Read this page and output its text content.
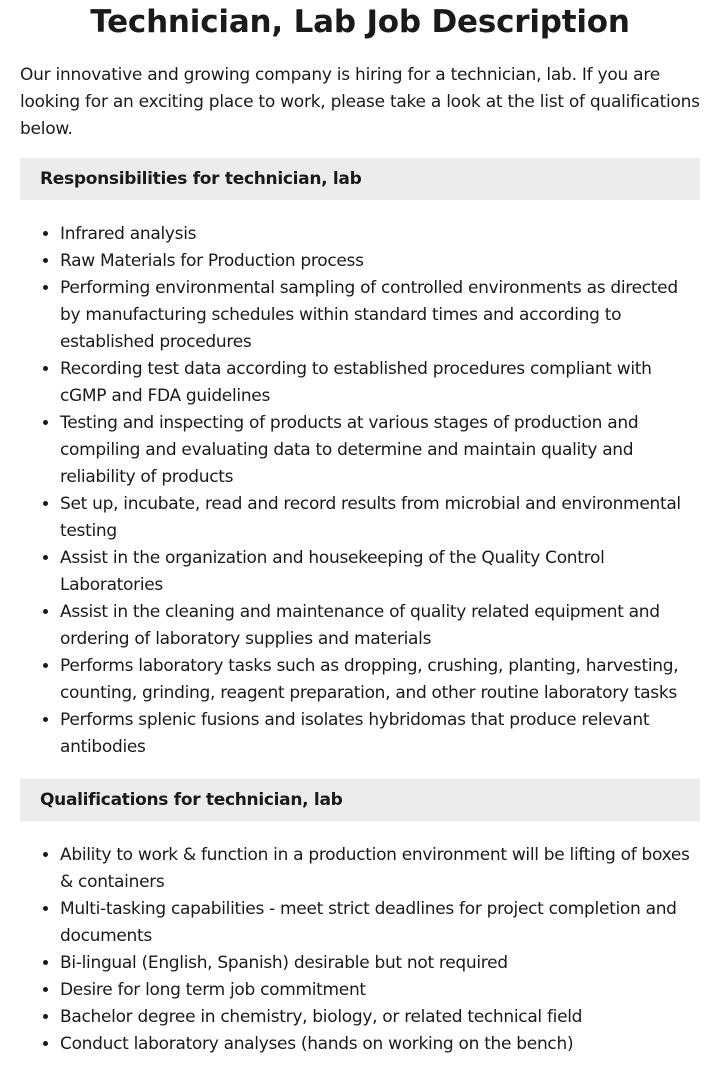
Technician, Lab Job Description

Our innovative and growing company is hiring for a technician, lab. If you are looking for an exciting place to work, please take a look at the list of qualifications below.

Responsibilities for technician, lab
• Infrared analysis
• Raw Materials for Production process
• Performing environmental sampling of controlled environments as directed by manufacturing schedules within standard times and according to established procedures
• Recording test data according to established procedures compliant with cGMP and FDA guidelines
• Testing and inspecting of products at various stages of production and compiling and evaluating data to determine and maintain quality and reliability of products
• Set up, incubate, read and record results from microbial and environmental testing
• Assist in the organization and housekeeping of the Quality Control Laboratories
• Assist in the cleaning and maintenance of quality related equipment and ordering of laboratory supplies and materials
• Performs laboratory tasks such as dropping, crushing, planting, harvesting, counting, grinding, reagent preparation, and other routine laboratory tasks
• Performs splenic fusions and isolates hybridomas that produce relevant antibodies
Qualifications for technician, lab
• Ability to work & function in a production environment will be lifting of boxes & containers
• Multi-tasking capabilities - meet strict deadlines for project completion and documents
• Bi-lingual (English, Spanish) desirable but not required
• Desire for long term job commitment
• Bachelor degree in chemistry, biology, or related technical field
• Conduct laboratory analyses (hands on working on the bench)
